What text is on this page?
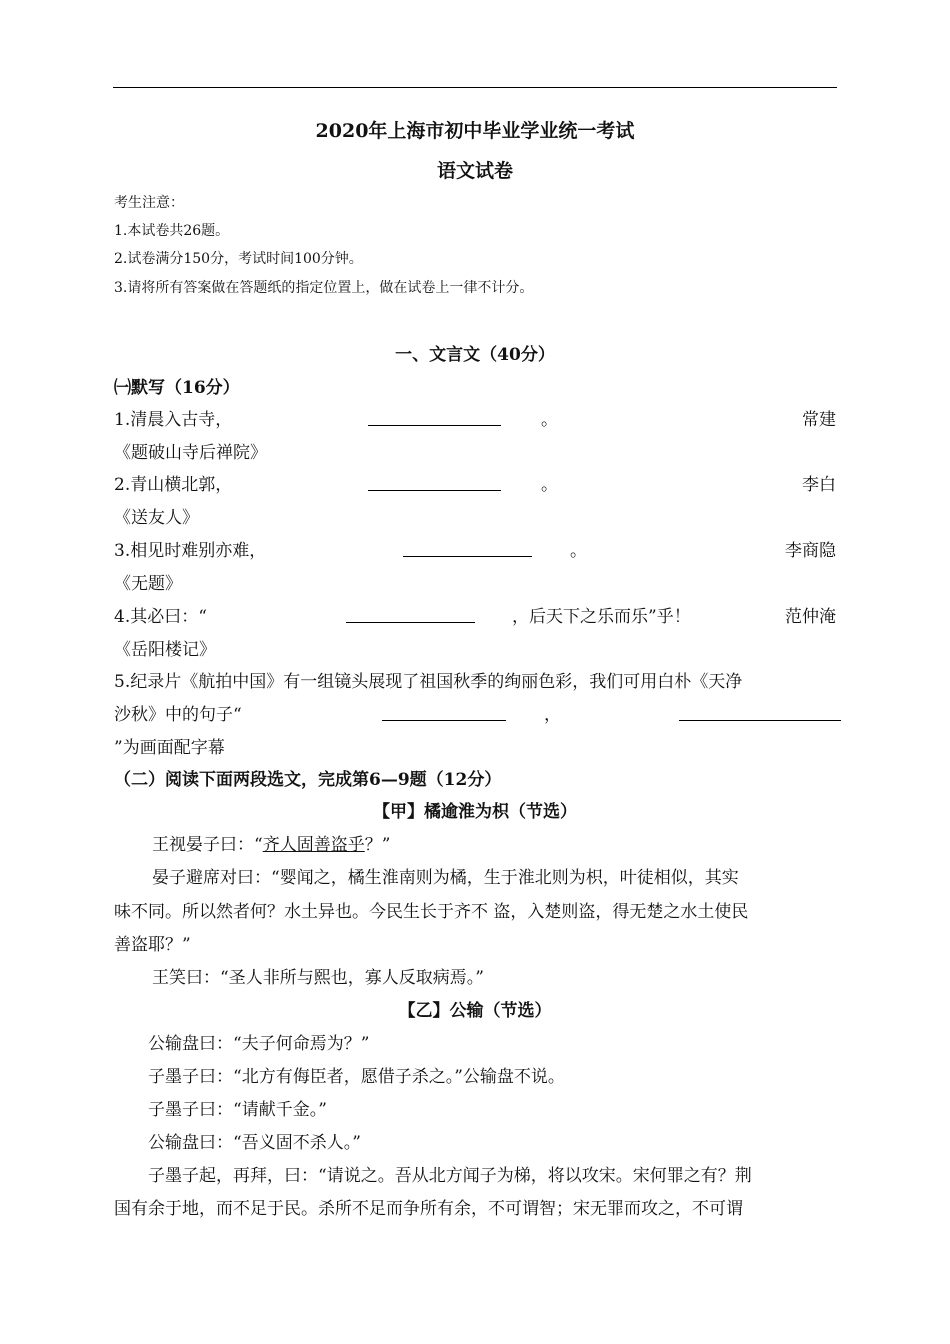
2020年上海市初中毕业学业统一考试
语文试卷
考生注意：
1.本试卷共26题。
2.试卷满分150分，考试时间100分钟。
3.请将所有答案做在答题纸的指定位置上，做在试卷上一律不计分。
一、文言文（40分）
㈠默写（16分）
1.清晨入古寺，	。	常建
《题破山寺后禅院》
2.青山横北郭，	。	李白
《送友人》
3.相见时难别亦难，	。	李商隐
《无题》
4.其必曰：“	，后天下之乐而乐”乎！	范仲淹
《岳阳楼记》
5.纪录片《航拍中国》有一组镜头展现了祖国秋季的绚丽色彩，我们可用白朴《天净
沙秋》中的句子“	，
”为画面配字幕
（二）阅读下面两段选文，完成第6—9题（12分）
【甲】橘逾淮为枳（节选）
王视晏子曰：“齐人固善盗乎？”
晏子避席对曰：“婴闻之，橘生淮南则为橘，生于淮北则为枳，叶徒相似，其实
味不同。所以然者何？水土异也。今民生长于齐不 盗，入楚则盗，得无楚之水土使民
善盗耶？”
王笑曰：“圣人非所与熙也，寡人反取病焉。”
【乙】公输（节选）
公输盘曰：“夫子何命焉为？”
子墨子曰：“北方有侮臣者，愿借子杀之。”公输盘不说。
子墨子曰：“请献千金。”
公输盘曰：“吾义固不杀人。”
子墨子起，再拜，曰：“请说之。吾从北方闻子为梯，将以攻宋。宋何罪之有？荆
国有余于地，而不足于民。杀所不足而争所有余，不可谓智；宋无罪而攻之，不可谓
